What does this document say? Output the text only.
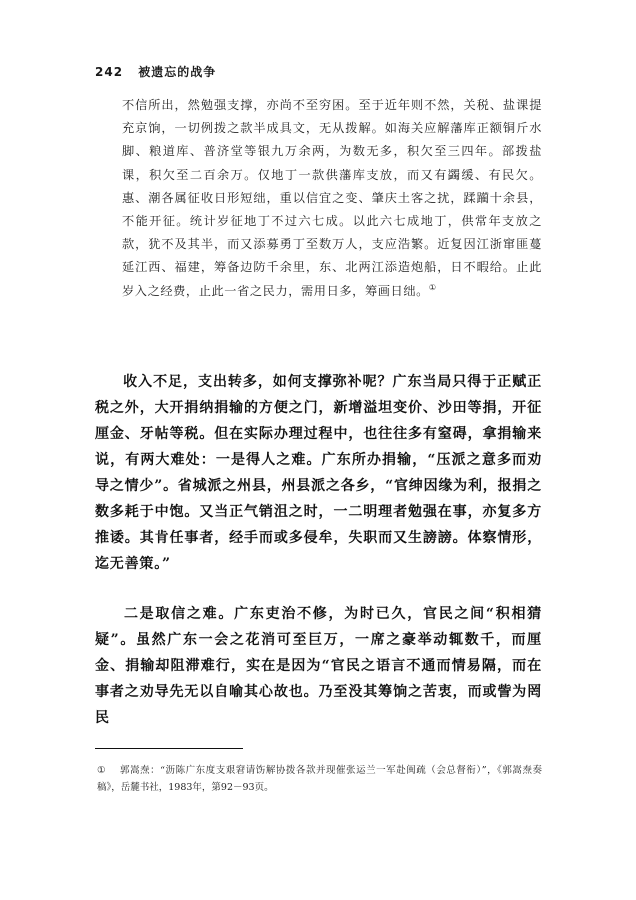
242 被遗忘的战争
不信所出，然勉强支撑，亦尚不至穷困。至于近年则不然，关税、盐课提充京饷，一切例拨之款半成具文，无从拨解。如海关应解藩库正额铜斤水脚、粮道库、普济堂等银九万余两，为数无多，积欠至三四年。部拨盐课，积欠至二百余万。仅地丁一款供藩库支放，而又有蠲缓、有民欠。惠、潮各属征收日形短绌，重以信宜之变、肇庆土客之扰，蹂躏十余县，不能开征。统计岁征地丁不过六七成。以此六七成地丁，供常年支放之款，犹不及其半，而又添募勇丁至数万人，支应浩繁。近复因江浙窜匪蔓延江西、福建，筹备边防千余里，东、北两江添造炮船，日不暇给。止此岁入之经费，止此一省之民力，需用日多，筹画日绌。①

收入不足，支出转多，如何支撑弥补呢？广东当局只得于正赋正税之外，大开捐纳捐输的方便之门，新增溢坦变价、沙田等捐，开征厘金、牙帖等税。但在实际办理过程中，也往往多有窒碍，拿捐输来说，有两大难处：一是得人之难。广东所办捐输，“压派之意多而劝导之情少”。省城派之州县，州县派之各乡，“官绅因缘为利，报捐之数多耗于中饱。又当正气销沮之时，一二明理者勉强在事，亦复多方推诿。其肯任事者，经手而或多侵牟，失职而又生謗謗。体察情形，迄无善策。”

二是取信之难。广东吏治不修，为时已久，官民之间“积相猜疑”。虽然广东一会之花消可至巨万，一席之豪举动辄数千，而厘金、捐输却阻滞难行，实在是因为“官民之语言不通而情易隔，而在事者之劝导先无以自喻其心故也。乃至没其筹饷之苦衷，而或訾为罔民

① 郭嵩焘：“沥陈广东度支艰窘请饬解协拨各款并现催张运兰一军赴闽疏（会总督衔）”，《郭嵩焘奏稿》，岳麓书社，1983年，第92－93页。
